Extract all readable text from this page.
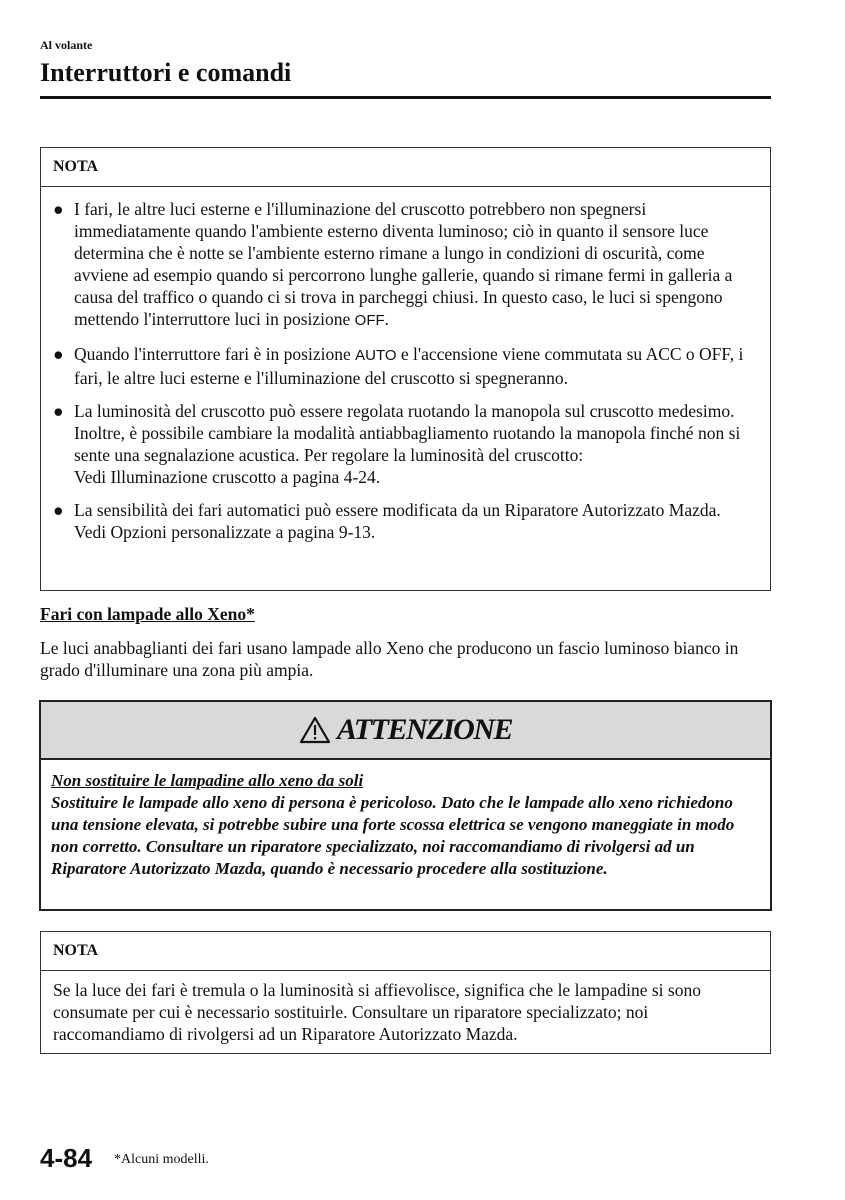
Al volante
Interruttori e comandi
NOTA
● I fari, le altre luci esterne e l'illuminazione del cruscotto potrebbero non spegnersi immediatamente quando l'ambiente esterno diventa luminoso; ciò in quanto il sensore luce determina che è notte se l'ambiente esterno rimane a lungo in condizioni di oscurità, come avviene ad esempio quando si percorrono lunghe gallerie, quando si rimane fermi in galleria a causa del traffico o quando ci si trova in parcheggi chiusi. In questo caso, le luci si spengono mettendo l'interruttore luci in posizione OFF.
● Quando l'interruttore fari è in posizione AUTO e l'accensione viene commutata su ACC o OFF, i fari, le altre luci esterne e l'illuminazione del cruscotto si spegneranno.
● La luminosità del cruscotto può essere regolata ruotando la manopola sul cruscotto medesimo. Inoltre, è possibile cambiare la modalità antiabbagliamento ruotando la manopola finché non si sente una segnalazione acustica. Per regolare la luminosità del cruscotto:
Vedi Illuminazione cruscotto a pagina 4-24.
● La sensibilità dei fari automatici può essere modificata da un Riparatore Autorizzato Mazda.
Vedi Opzioni personalizzate a pagina 9-13.
Fari con lampade allo Xeno*
Le luci anabbaglianti dei fari usano lampade allo Xeno che producono un fascio luminoso bianco in grado d'illuminare una zona più ampia.
ATTENZIONE
Non sostituire le lampadine allo xeno da soli
Sostituire le lampade allo xeno di persona è pericoloso. Dato che le lampade allo xeno richiedono una tensione elevata, si potrebbe subire una forte scossa elettrica se vengono maneggiate in modo non corretto. Consultare un riparatore specializzato, noi raccomandiamo di rivolgersi ad un Riparatore Autorizzato Mazda, quando è necessario procedere alla sostituzione.
NOTA
Se la luce dei fari è tremula o la luminosità si affievolisce, significa che le lampadine si sono consumate per cui è necessario sostituirle. Consultare un riparatore specializzato; noi raccomandiamo di rivolgersi ad un Riparatore Autorizzato Mazda.
4-84 *Alcuni modelli.
